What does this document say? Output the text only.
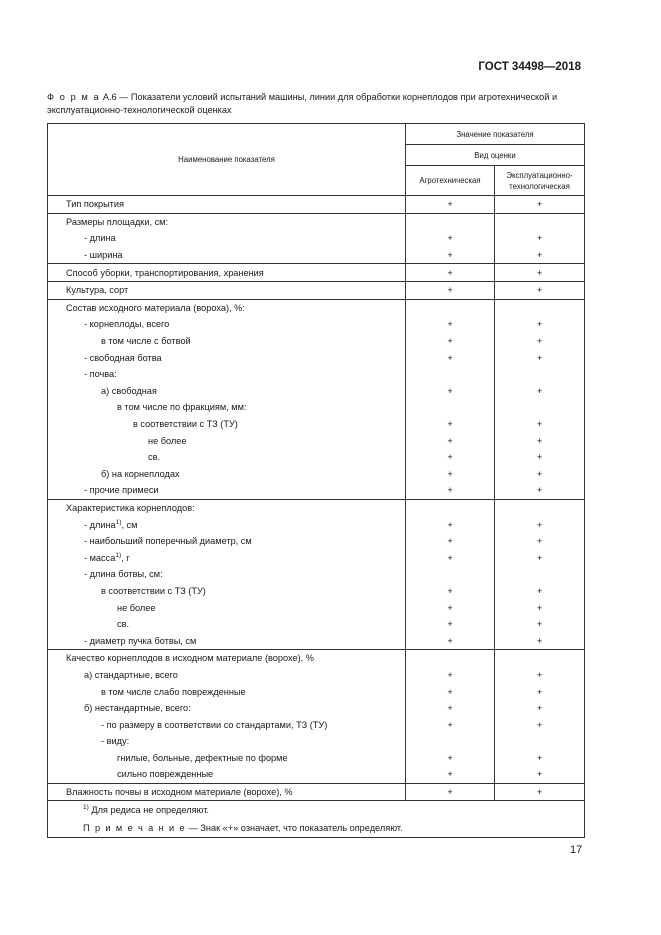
ГОСТ 34498—2018
Ф о р м а А.6 — Показатели условий испытаний машины, линии для обработки корнеплодов при агротехнической и эксплуатационно-технологической оценках
Наименование показателя	Значение показателя	
	Вид оценки	
	Агротехническая	Эксплуатационно-
технологическая
Тип покрытия	+	+
Размеры площадки, см:		
- длина	+	+
- ширина	+	+
Способ уборки, транспортирования, хранения	+	+
Культура, сорт	+	+
Состав исходного материала (вороха), %:		
- корнеплоды, всего	+	+
в том числе с ботвой	+	+
- свободная ботва	+	+
- почва:		
а) свободная	+	+
в том числе по фракциям, мм:		
в соответствии с ТЗ (ТУ)	+	+
не более	+	+
св.	+	+
б) на корнеплодах	+	+
- прочие примеси	+	+
Характеристика корнеплодов:		
- длина$^{1)}$, см	+	+
- наибольший поперечный диаметр, см	+	+
- масса$^{1)}$, г	+	+
- длина ботвы, см:		
в соответствии с ТЗ (ТУ)	+	+
не более	+	+
св.	+	+
- диаметр пучка ботвы, см	+	+
Качество корнеплодов в исходном материале (ворохе), %		
а) стандартные, всего	+	+
в том числе слабо поврежденные	+	+
б) нестандартные, всего:	+	+
- по размеру в соответствии со стандартами, ТЗ (ТУ)	+	+
- виду:		
гнилые, больные, дефектные по форме	+	+
сильно поврежденные	+	+
Влажность почвы в исходном материале (ворохе), %	+	+

$^{1)}$ Для редиса не определяют.
П р и м е ч а н и е — Знак «+» означает, что показатель определяют.		
17
